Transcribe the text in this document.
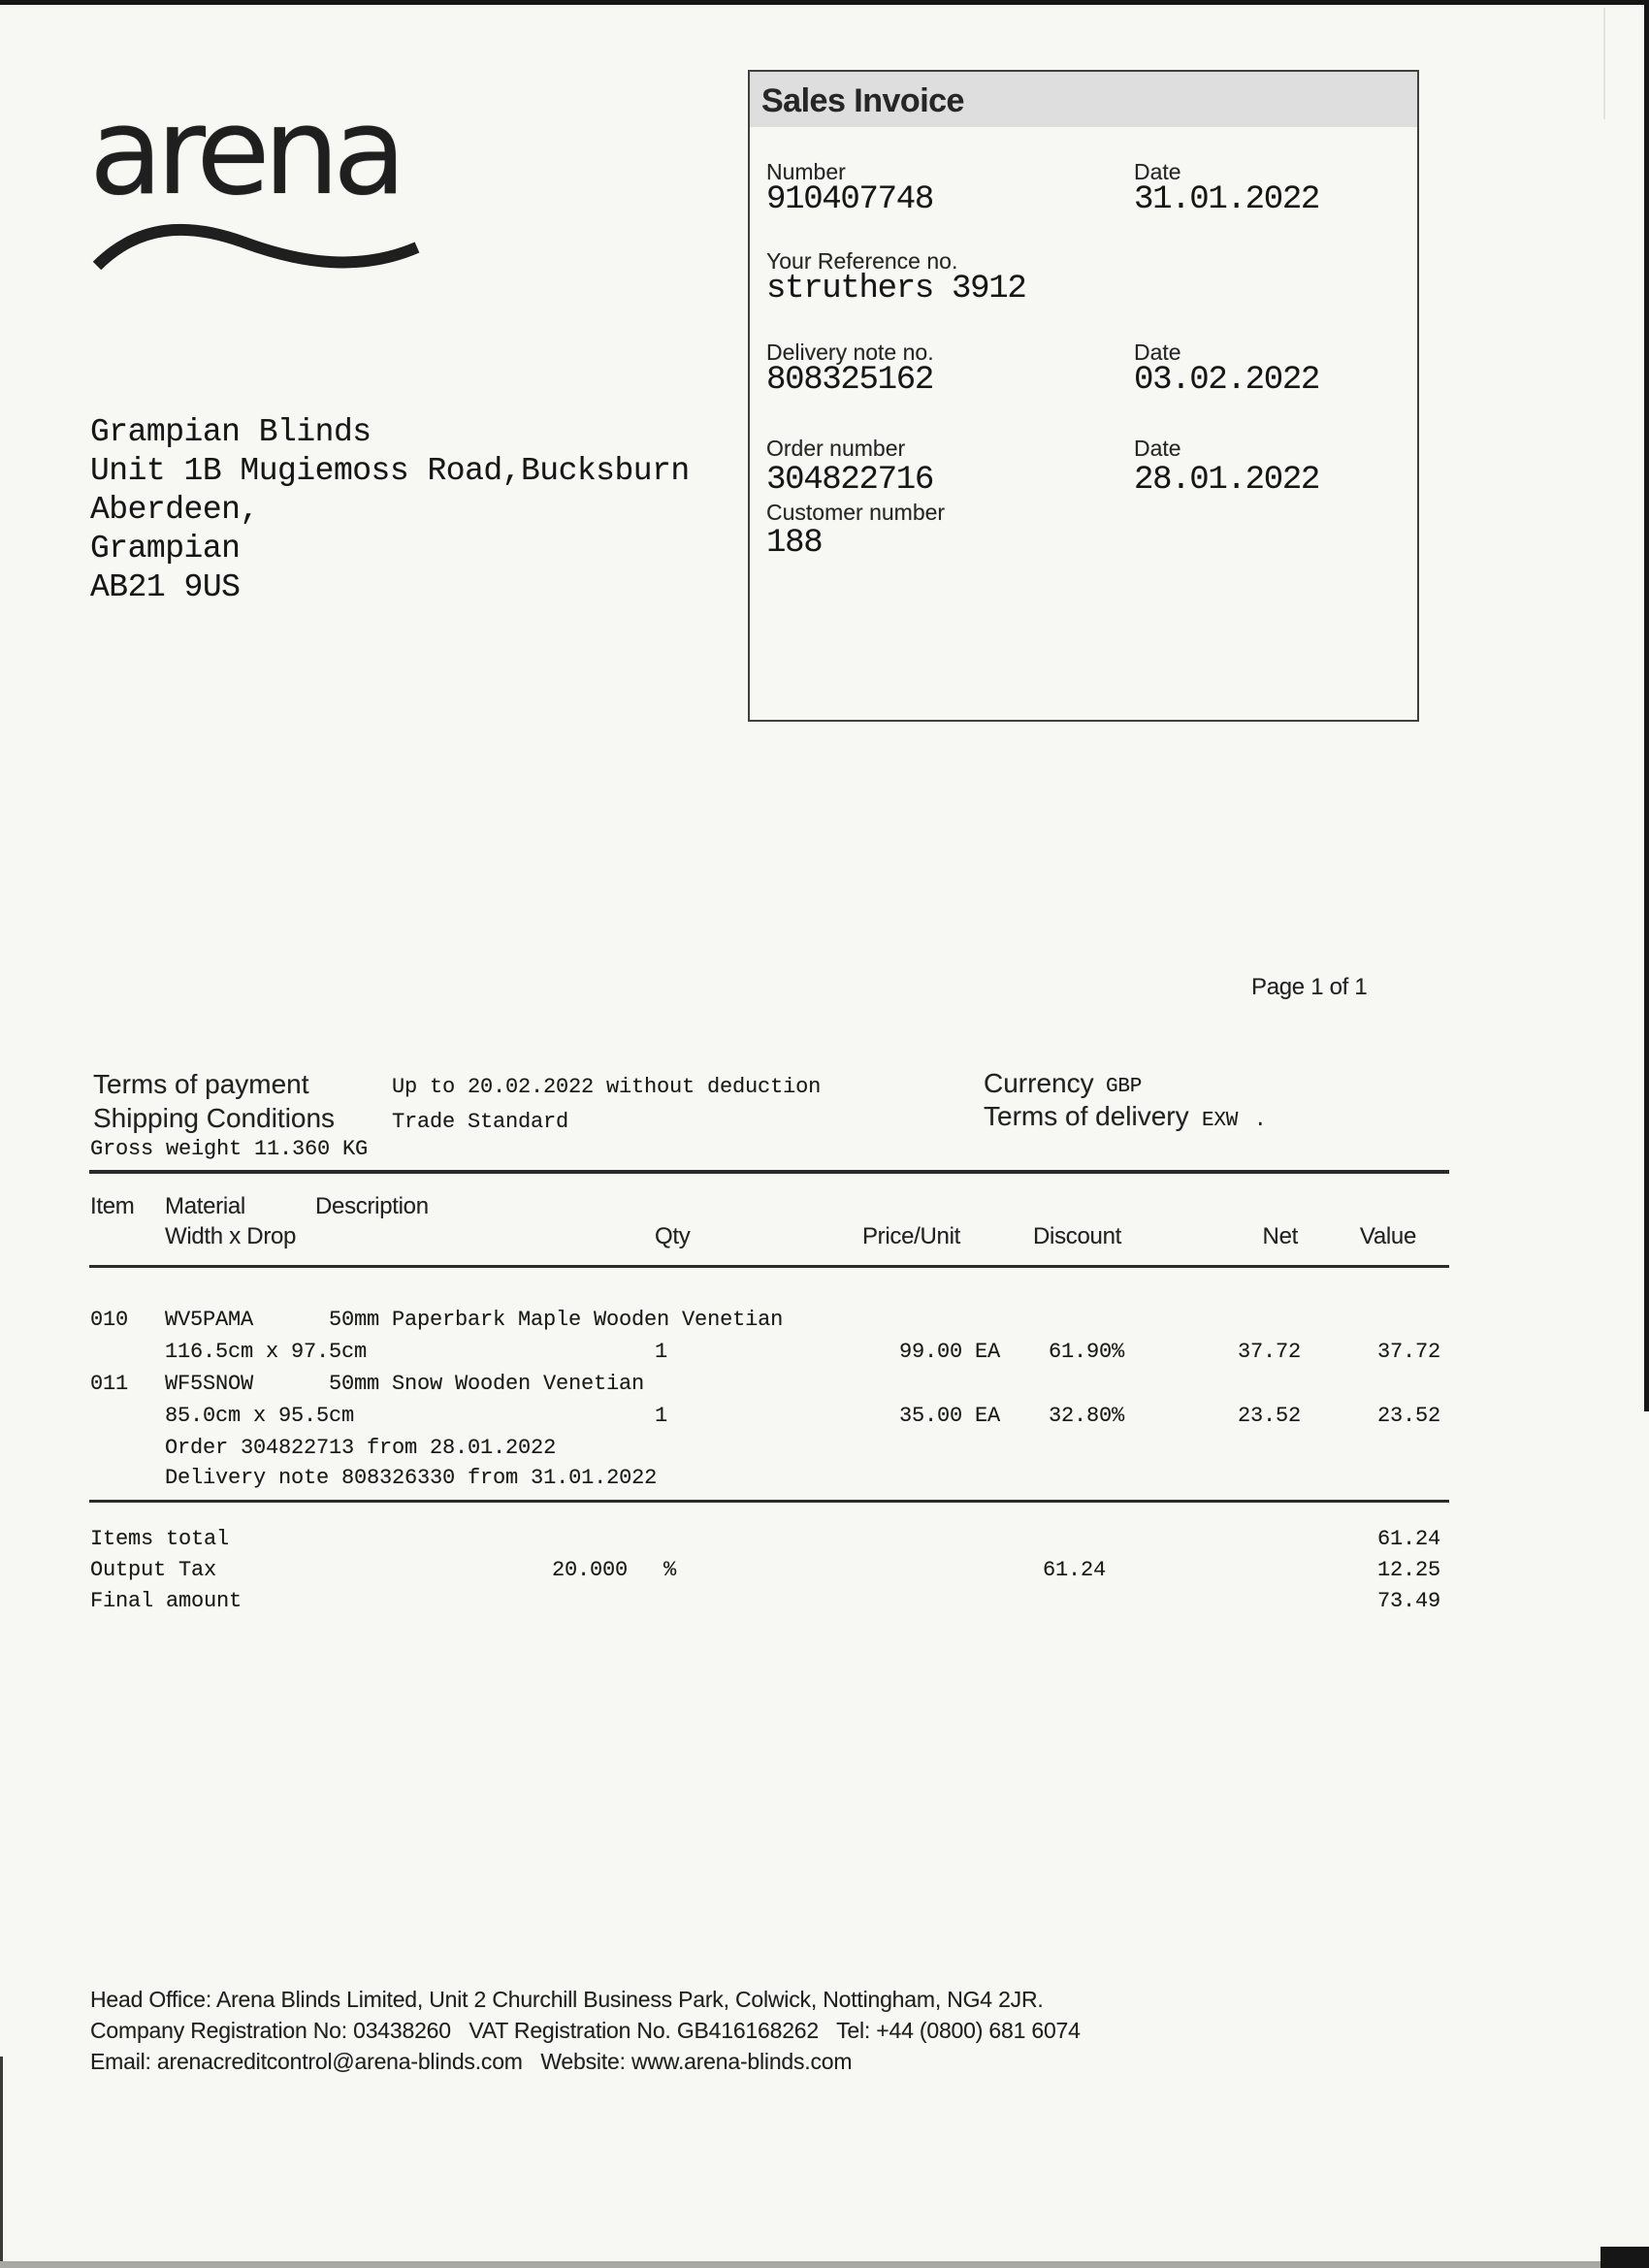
arena
Grampian Blinds
Unit 1B Mugiemoss Road,Bucksburn
Aberdeen,
Grampian
AB21 9US
Sales Invoice
Number
910407748
Date
31.01.2022
Your Reference no.
struthers 3912
Delivery note no.
808325162
Date
03.02.2022
Order number
304822716
Date
28.01.2022
Customer number
188
Page 1 of 1
Terms of payment	Up to 20.02.2022 without deduction
Shipping Conditions	Trade Standard
Gross weight 11.360 KG
Currency GBP
Terms of delivery EXW .
Item Material	Description
Width x Drop	Qty	Price/Unit	Discount	Net	Value
010 WV5PAMA	50mm Paperbark Maple Wooden Venetian
116.5cm x 97.5cm	1	99.00 EA	61.90%	37.72	37.72
011 WF5SNOW	50mm Snow Wooden Venetian
85.0cm x 95.5cm	1	35.00 EA	32.80%	23.52	23.52
Order 304822713 from 28.01.2022
Delivery note 808326330 from 31.01.2022
Items total	61.24
Output Tax	20.000 %	61.24	12.25
Final amount	73.49
Head Office: Arena Blinds Limited, Unit 2 Churchill Business Park, Colwick, Nottingham, NG4 2JR.
Company Registration No: 03438260   VAT Registration No. GB416168262   Tel: +44 (0800) 681 6074
Email: arenacreditcontrol@arena-blinds.com   Website: www.arena-blinds.com
